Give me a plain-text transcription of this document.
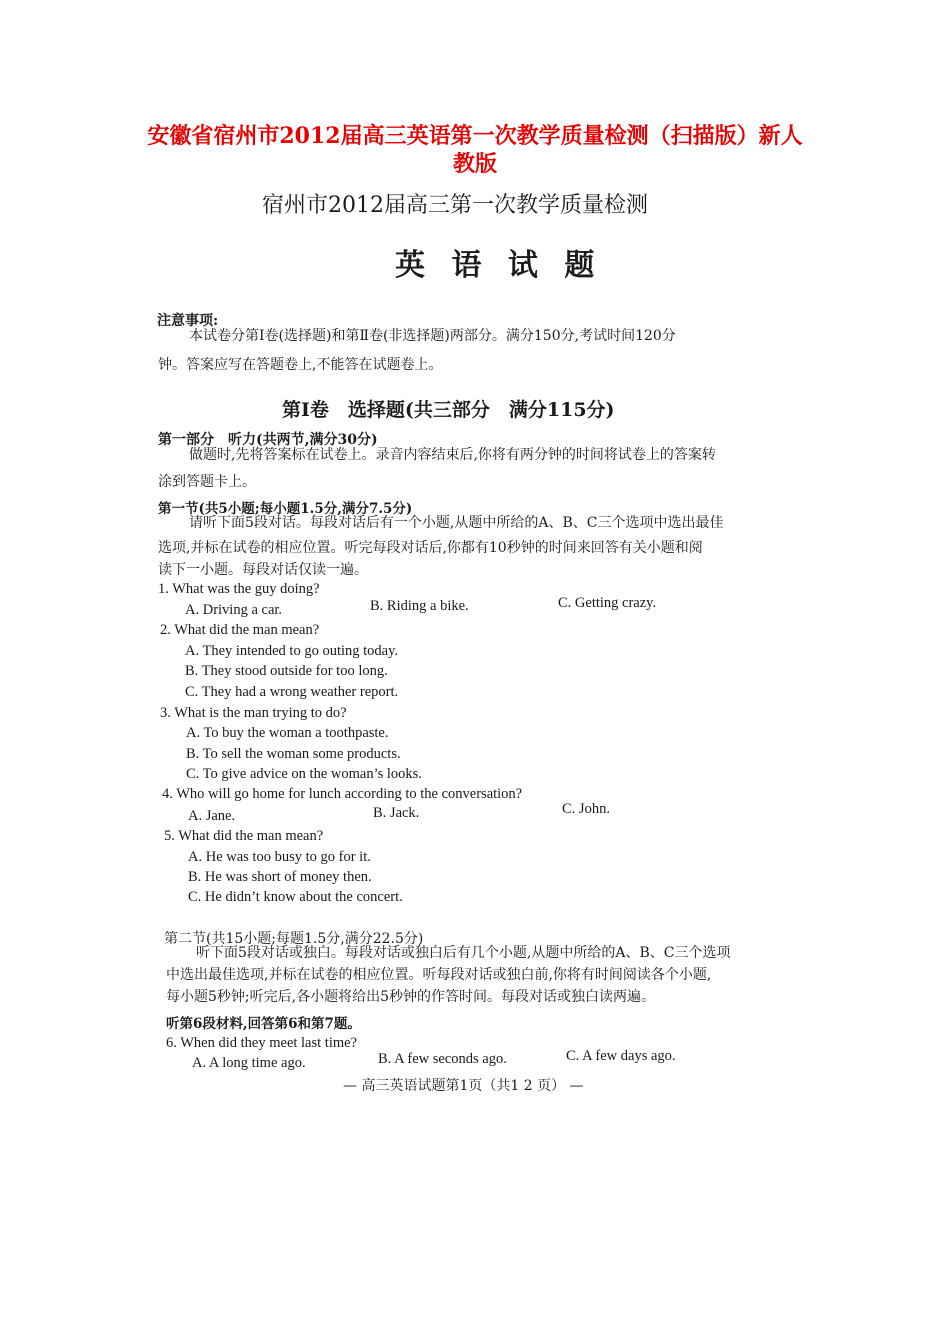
安徽省宿州市2012届高三英语第一次教学质量检测（扫描版）新人
教版
宿州市2012届高三第一次教学质量检测
英 语 试 题
注意事项:
本试卷分第Ⅰ卷(选择题)和第Ⅱ卷(非选择题)两部分。满分150分,考试时间120分
钟。答案应写在答题卷上,不能答在试题卷上。
第Ⅰ卷　选择题(共三部分　满分115分)
第一部分　听力(共两节,满分30分)
做题时,先将答案标在试卷上。录音内容结束后,你将有两分钟的时间将试卷上的答案转
涂到答题卡上。
第一节(共5小题;每小题1.5分,满分7.5分)
请听下面5段对话。每段对话后有一个小题,从题中所给的A、B、C三个选项中选出最佳
选项,并标在试卷的相应位置。听完每段对话后,你都有10秒钟的时间来回答有关小题和阅
读下一小题。每段对话仅读一遍。
1. What was the guy doing?
A. Driving a car.	B. Riding a bike.	C. Getting crazy.
2. What did the man mean?
A. They intended to go outing today.
B. They stood outside for too long.
C. They had a wrong weather report.
3. What is the man trying to do?
A. To buy the woman a toothpaste.
B. To sell the woman some products.
C. To give advice on the woman’s looks.
4. Who will go home for lunch according to the conversation?
A. Jane.	B. Jack.	C. John.
5. What did the man mean?
A. He was too busy to go for it.
B. He was short of money then.
C. He didn’t know about the concert.
第二节(共15小题;每题1.5分,满分22.5分)
听下面5段对话或独白。每段对话或独白后有几个小题,从题中所给的A、B、C三个选项
中选出最佳选项,并标在试卷的相应位置。听每段对话或独白前,你将有时间阅读各个小题,
每小题5秒钟;听完后,各小题将给出5秒钟的作答时间。每段对话或独白读两遍。
听第6段材料,回答第6和第7题。
6. When did they meet last time?
A. A long time ago.	B. A few seconds ago.	C. A few days ago.
— 高三英语试题第1页（共1 2 页） —
